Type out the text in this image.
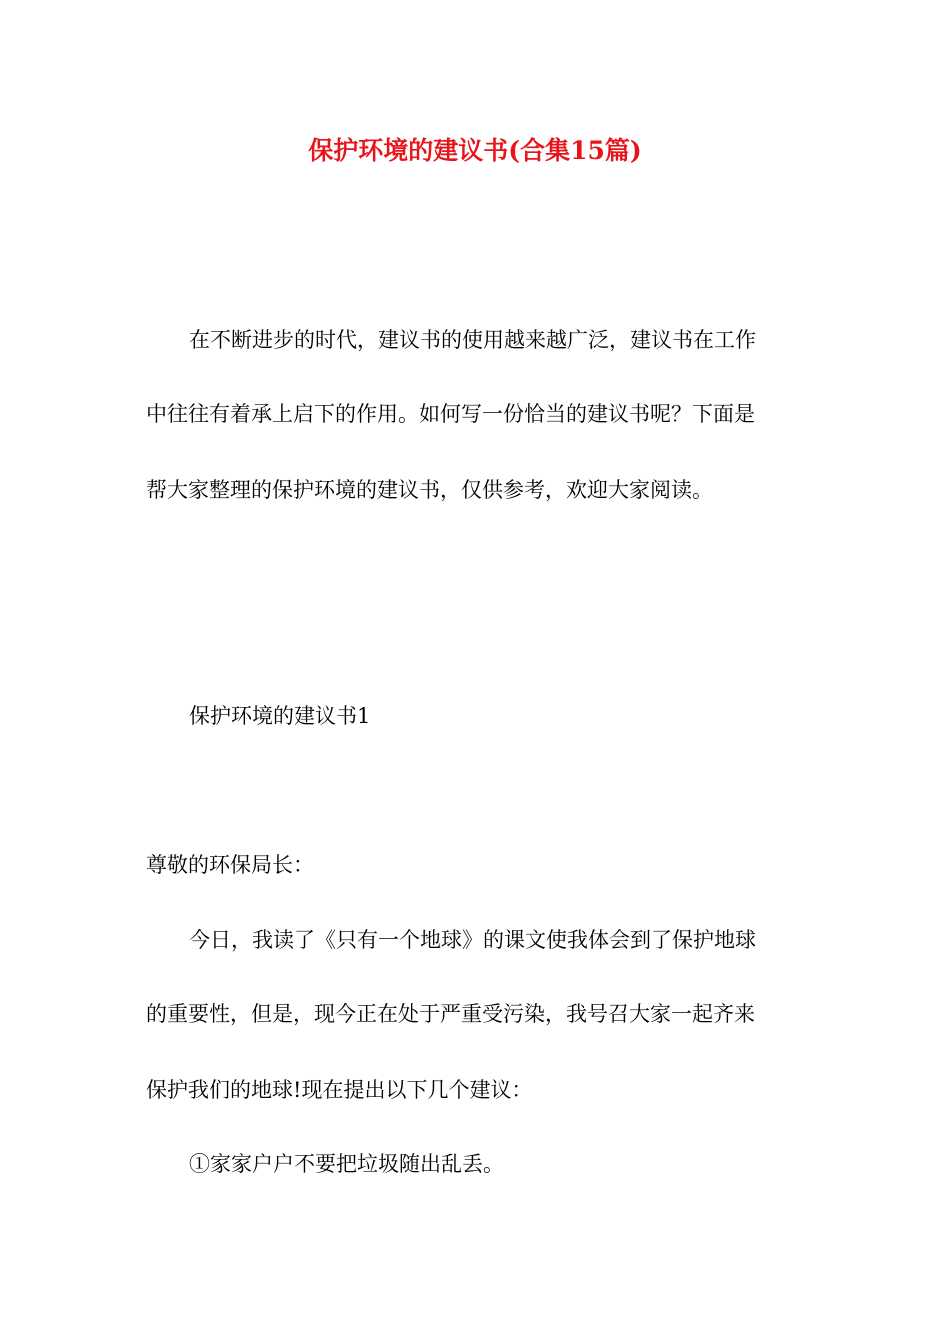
保护环境的建议书(合集15篇)

在不断进步的时代，建议书的使用越来越广泛，建议书在工作

中往往有着承上启下的作用。如何写一份恰当的建议书呢？下面是

帮大家整理的保护环境的建议书，仅供参考，欢迎大家阅读。

保护环境的建议书1

尊敬的环保局长：

今日，我读了《只有一个地球》的课文使我体会到了保护地球

的重要性，但是，现今正在处于严重受污染，我号召大家一起齐来

保护我们的地球!现在提出以下几个建议：

①家家户户不要把垃圾随出乱丢。
